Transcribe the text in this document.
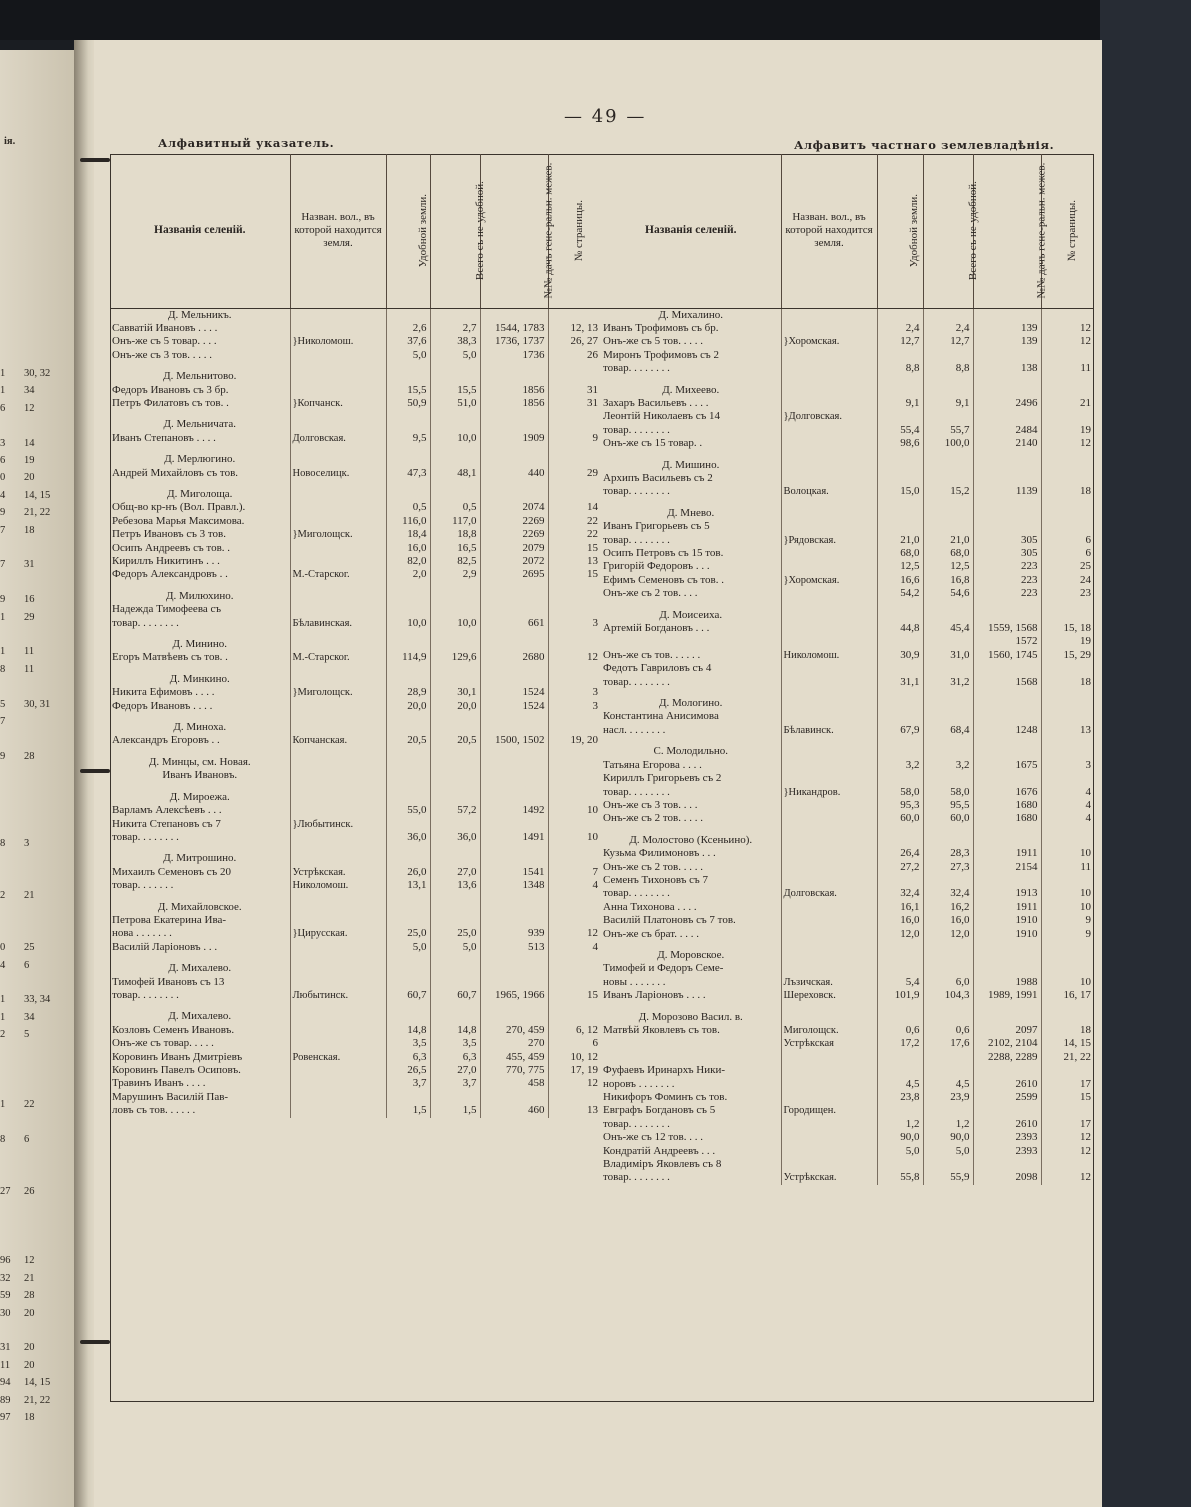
ія.
1 30, 32
1 34
6 12
3 14
6 19
0 20
4 14, 15
9 21, 22
7 18
7 31
9 16
1 29
1 11
8 11
5 30, 31
7
9 28
8 3
2 21
0 25
4 6
1 33, 34
1 34
2 5
1 22
8 6
27 26
96 12
32 21
59 28
30 20
31 20
11 20
94 14, 15
89 21, 22
97 18
— 49 —
Алфавитный указатель.	Алфавитъ частнаго землевладѣнія.
Названія селеній.	Назван. вол., въ которой находится земля.	Удобной земли.	Всего съ не-удобной.	№№ дачъ гене-ральн. межев.	№ страницы.
Д. Мельникъ.					
Савватій Ивановъ . . . .		2,6	2,7	1544, 1783	12, 13
Онъ-же съ 5 товар. . . .	}Николомош.	37,6	38,3	1736, 1737	26, 27
Онъ-же съ 3 тов. . . . .		5,0	5,0	1736	26

Д. Мельнитово.					
Федоръ Ивановъ съ 3 бр.		15,5	15,5	1856	31
Петръ Филатовъ съ тов. .	}Копчанск.	50,9	51,0	1856	31

Д. Мельничата.					
Иванъ Степановъ . . . .	Долговская.	9,5	10,0	1909	9

Д. Мерлюгино.					
Андрей Михайловъ съ тов.	Новоселицк.	47,3	48,1	440	29

Д. Миголоща.					
Общ-во кр-нъ (Вол. Правл.).		0,5	0,5	2074	14
Ребезова Марья Максимова.		116,0	117,0	2269	22
Петръ Ивановъ съ 3 тов.	}Миголощск.	18,4	18,8	2269	22
Осипъ Андреевъ съ тов. .		16,0	16,5	2079	15
Кириллъ Никитинъ . . .		82,0	82,5	2072	13
Федоръ Александровъ . .	М.-Старског.	2,0	2,9	2695	15

Д. Милюхино.					
Надежда Тимофеева съ					
товар. . . . . . . .	Бѣлавинская.	10,0	10,0	661	3

Д. Минино.					
Егоръ Матвѣевъ съ тов. .	М.-Старског.	114,9	129,6	2680	12

Д. Минкино.					
Никита Ефимовъ . . . .	}Миголощск.	28,9	30,1	1524	3
Федоръ Ивановъ . . . .		20,0	20,0	1524	3

Д. Миноха.					
Александръ Егоровъ . .	Копчанская.	20,5	20,5	1500, 1502	19, 20

Д. Минцы, см. Новая.					
Иванъ Ивановъ.					

Д. Мироежа.					
Варламъ Алексѣевъ . . .		55,0	57,2	1492	10
Никита Степановъ съ 7	}Любытинск.				
товар. . . . . . . .		36,0	36,0	1491	10

Д. Митрошино.					
Михаилъ Семеновъ съ 20	Устрѣкская.	26,0	27,0	1541	7
товар. . . . . . .	Николомош.	13,1	13,6	1348	4

Д. Михайловское.					
Петрова Екатерина Ива-					
нова . . . . . . .	}Цирусская.	25,0	25,0	939	12
Василій Ларіоновъ . . .		5,0	5,0	513	4

Д. Михалево.					
Тимофей Ивановъ съ 13					
товар. . . . . . . .	Любытинск.	60,7	60,7	1965, 1966	15

Д. Михалево.					
Козловъ Семенъ Ивановъ.		14,8	14,8	270, 459	6, 12
Онъ-же съ товар. . . . .		3,5	3,5	270	6
Коровинъ Иванъ Дмитріевъ	Ровенская.	6,3	6,3	455, 459	10, 12
Коровинъ Павелъ Осиповъ.		26,5	27,0	770, 775	17, 19
Травинъ Иванъ . . . .		3,7	3,7	458	12
Марушинъ Василій Пав-					
ловъ съ тов. . . . . .		1,5	1,5	460	13
Названія селеній.	Назван. вол., въ которой находится земля.	Удобной земли.	Всего съ не-удобной.	№№ дачъ гене-ральн. межев.	№ страницы.
Д. Михалино.					
Иванъ Трофимовъ съ бр.		2,4	2,4	139	12
Онъ-же съ 5 тов. . . . .	}Хоромская.	12,7	12,7	139	12
Миронъ Трофимовъ съ 2					
товар. . . . . . . .		8,8	8,8	138	11

Д. Михеево.					
Захаръ Васильевъ . . . .		9,1	9,1	2496	21
Леонтій Николаевъ съ 14	}Долговская.				
товар. . . . . . . .		55,4	55,7	2484	19
Онъ-же съ 15 товар. .		98,6	100,0	2140	12

Д. Мишино.					
Архипъ Васильевъ съ 2					
товар. . . . . . . .	Волоцкая.	15,0	15,2	1139	18

Д. Мнево.					
Иванъ Григорьевъ съ 5					
товар. . . . . . . .	}Рядовская.	21,0	21,0	305	6
Осипъ Петровъ съ 15 тов.		68,0	68,0	305	6
Григорій Федоровъ . . .		12,5	12,5	223	25
Ефимъ Семеновъ съ тов. .	}Хоромская.	16,6	16,8	223	24
Онъ-же съ 2 тов. . . .		54,2	54,6	223	23

Д. Моисеиха.					
Артемій Богдановъ . . .		44,8	45,4	1559, 1568	15, 18
				1572	19
Онъ-же съ тов. . . . . .	Николомош.	30,9	31,0	1560, 1745	15, 29
Федотъ Гавриловъ съ 4					
товар. . . . . . . .		31,1	31,2	1568	18

Д. Мологино.					
Константина Анисимова					
насл. . . . . . . .	Бѣлавинск.	67,9	68,4	1248	13

С. Молодильно.					
Татьяна Егорова . . . .		3,2	3,2	1675	3
Кириллъ Григорьевъ съ 2					
товар. . . . . . . .	}Никандров.	58,0	58,0	1676	4
Онъ-же съ 3 тов. . . .		95,3	95,5	1680	4
Онъ-же съ 2 тов. . . . .		60,0	60,0	1680	4

Д. Молостово (Ксеньино).					
Кузьма Филимоновъ . . .		26,4	28,3	1911	10
Онъ-же съ 2 тов. . . . .		27,2	27,3	2154	11
Семенъ Тихоновъ съ 7					
товар. . . . . . . .	Долговская.	32,4	32,4	1913	10
Анна Тихонова . . . .		16,1	16,2	1911	10
Василій Платоновъ съ 7 тов.		16,0	16,0	1910	9
Онъ-же съ брат. . . . .		12,0	12,0	1910	9

Д. Моровское.					
Тимофей и Федоръ Семе-					
новы . . . . . . .	Лъзичская.	5,4	6,0	1988	10
Иванъ Ларіоновъ . . . .	Шереховск.	101,9	104,3	1989, 1991	16, 17

Д. Морозово Васил. в.					
Матвѣй Яковлевъ съ тов.	Миголощск.	0,6	0,6	2097	18
	Устрѣкская	17,2	17,6	2102, 2104	14, 15
				2288, 2289	21, 22
Фуфаевъ Иринархъ Ники-					
норовъ . . . . . . .		4,5	4,5	2610	17
Никифоръ Фоминъ съ тов.		23,8	23,9	2599	15
Евграфъ Богдановъ съ 5	Городищен.				
товар. . . . . . . .		1,2	1,2	2610	17
Онъ-же съ 12 тов. . . .		90,0	90,0	2393	12
Кондратій Андреевъ . . .		5,0	5,0	2393	12
Владиміръ Яковлевъ съ 8					
товар. . . . . . . .	Устрѣкская.	55,8	55,9	2098	12
